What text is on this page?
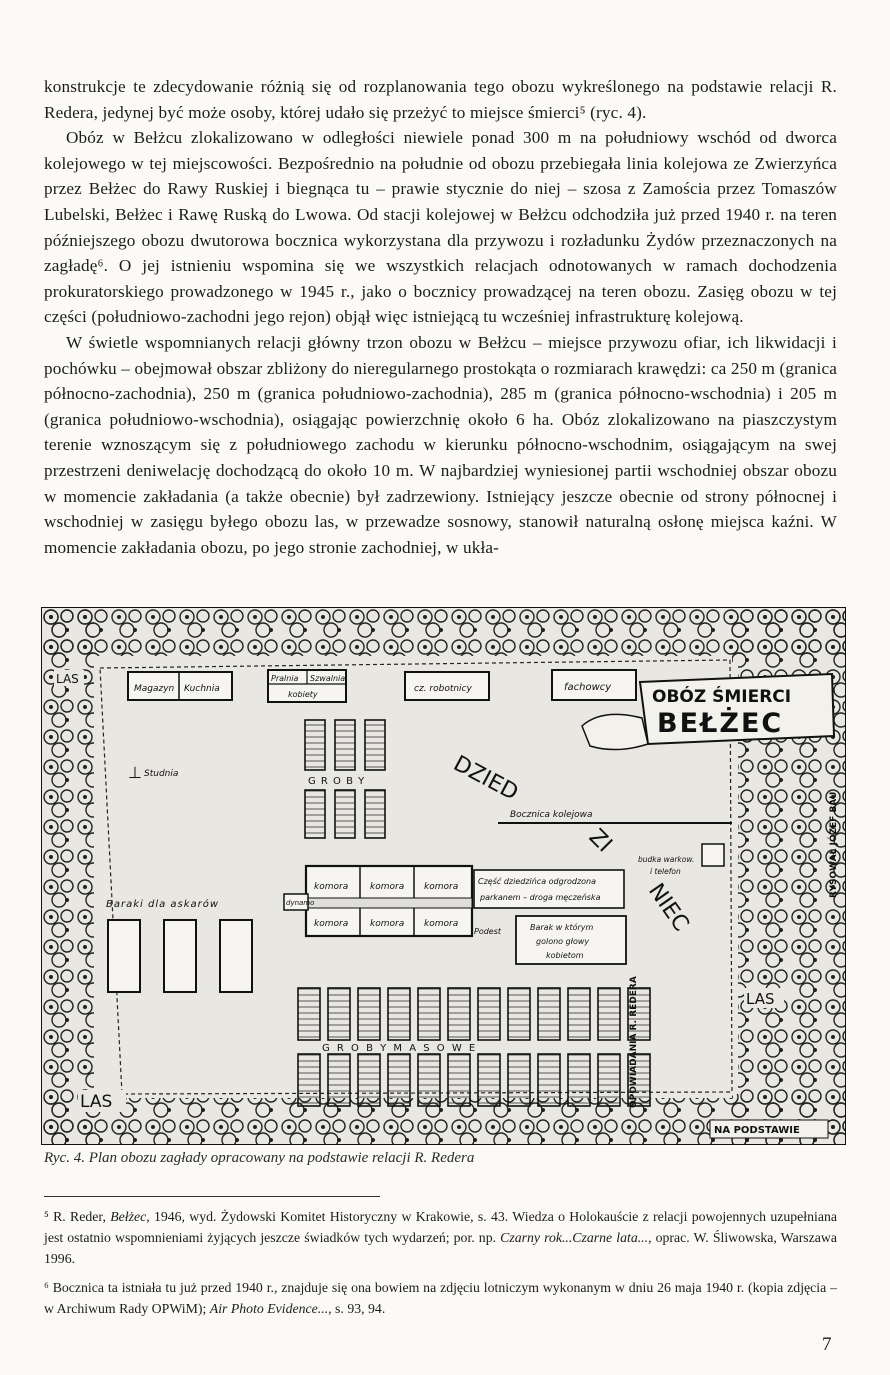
konstrukcje te zdecydowanie różnią się od rozplanowania tego obozu wykreślonego na podstawie relacji R. Redera, jedynej być może osoby, której udało się przeżyć to miejsce śmierci⁵ (ryc. 4).

Obóz w Bełżcu zlokalizowano w odległości niewiele ponad 300 m na południowy wschód od dworca kolejowego w tej miejscowości. Bezpośrednio na południe od obozu przebiegała linia kolejowa ze Zwierzyńca przez Bełżec do Rawy Ruskiej i biegnąca tu – prawie stycznie do niej – szosa z Zamościa przez Tomaszów Lubelski, Bełżec i Rawę Ruską do Lwowa. Od stacji kolejowej w Bełżcu odchodziła już przed 1940 r. na teren późniejszego obozu dwutorowa bocznica wykorzystana dla przywozu i rozładunku Żydów przeznaczonych na zagładę⁶. O jej istnieniu wspomina się we wszystkich relacjach odnotowanych w ramach dochodzenia prokuratorskiego prowadzonego w 1945 r., jako o bocznicy prowadzącej na teren obozu. Zasięg obozu w tej części (południowo-zachodni jego rejon) objął więc istniejącą tu wcześniej infrastrukturę kolejową.

W świetle wspomnianych relacji główny trzon obozu w Bełżcu – miejsce przywozu ofiar, ich likwidacji i pochówku – obejmował obszar zbliżony do nieregularnego prostokąta o rozmiarach krawędzi: ca 250 m (granica północno-zachodnia), 250 m (granica południowo-zachodnia), 285 m (granica północno-wschodnia) i 205 m (granica południowo-wschodnia), osiągając powierzchnię około 6 ha. Obóz zlokalizowano na piaszczystym terenie wznoszącym się z południowego zachodu w kierunku północno-wschodnim, osiągającym na swej przestrzeni deniwelację dochodzącą do około 10 m. W najbardziej wyniesionej partii wschodniej obszar obozu w momencie zakładania (a także obecnie) był zadrzewiony. Istniejący jeszcze obecnie od strony północnej i wschodniej w zasięgu byłego obozu las, w przewadze sosnowy, stanowił naturalną osłonę miejsca kaźni. W momencie zakładania obozu, po jego stronie zachodniej, w ukła-

Magazyn Kuchnia
Pralnia Szwalnia
kobiety
cz. robotnicy	fachowcy OBÓZ ŚMIERCI
BEŁŻEC
⊥ Studnia
G R O B Y	DZIED
ZI
NIEC
Bocznica kolejowa
komora komora komora
komora komora komora
dynamo
Część dziedzińca odgrodzona
parkanem – droga męczeńska
budka warkow.
i telefon
Podest	Barak w którym
golono głowy
kobietom
Baraki dla askarów
G R O B Y M A S O W E
LAS
LAS
LAS
NA PODSTAWIE
OPOWIADANIA R. REDERA
RYSOWAŁ JÓZEF BAU
Ryc. 4. Plan obozu zagłady opracowany na podstawie relacji R. Redera

⁵ R. Reder, Bełżec, 1946, wyd. Żydowski Komitet Historyczny w Krakowie, s. 43. Wiedza o Holokauście z relacji powojennych uzupełniana jest ostatnio wspomnieniami żyjących jeszcze świadków tych wydarzeń; por. np. Czarny rok...Czarne lata..., oprac. W. Śliwowska, Warszawa 1996.

⁶ Bocznica ta istniała tu już przed 1940 r., znajduje się ona bowiem na zdjęciu lotniczym wykonanym w dniu 26 maja 1940 r. (kopia zdjęcia – w Archiwum Rady OPWiM); Air Photo Evidence..., s. 93, 94.

7
